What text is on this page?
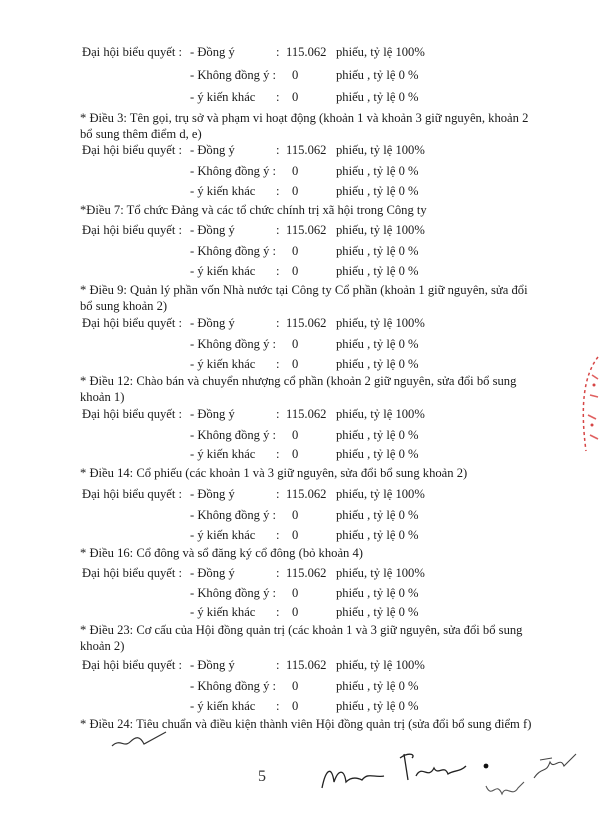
Đại hội biểu quyết : - Đồng ý	: 115.062 phiếu, tỷ lệ 100%
- Không đồng ý : 0	phiếu , tỷ lệ 0 %
- ý kiến khác : 0	phiếu , tỷ lệ 0 %
* Điều 3: Tên gọi, trụ sở và phạm vi hoạt động (khoản 1 và khoản 3 giữ nguyên, khoản 2 bổ sung thêm điểm d, e)
Đại hội biểu quyết : - Đồng ý	: 115.062 phiếu, tỷ lệ 100%
- Không đồng ý : 0	phiếu , tỷ lệ 0 %
- ý kiến khác : 0	phiếu , tỷ lệ 0 %
*Điều 7: Tổ chức Đảng và các tổ chức chính trị xã hội trong Công ty
Đại hội biểu quyết : - Đồng ý	: 115.062 phiếu, tỷ lệ 100%
- Không đồng ý : 0	phiếu , tỷ lệ 0 %
- ý kiến khác : 0	phiếu , tỷ lệ 0 %
* Điều 9: Quản lý phần vốn Nhà nước tại Công ty Cổ phần (khoản 1 giữ nguyên, sửa đổi bổ sung khoản 2)
Đại hội biểu quyết : - Đồng ý	: 115.062 phiếu, tỷ lệ 100%
- Không đồng ý : 0	phiếu , tỷ lệ 0 %
- ý kiến khác : 0	phiếu , tỷ lệ 0 %
* Điều 12: Chào bán và chuyển nhượng cổ phần (khoản 2 giữ nguyên, sửa đổi bổ sung khoản 1)
Đại hội biểu quyết : - Đồng ý	: 115.062 phiếu, tỷ lệ 100%
- Không đồng ý : 0	phiếu , tỷ lệ 0 %
- ý kiến khác : 0	phiếu , tỷ lệ 0 %
* Điều 14: Cổ phiếu (các khoản 1 và 3 giữ nguyên, sửa đổi bổ sung khoản 2)
Đại hội biểu quyết : - Đồng ý	: 115.062 phiếu, tỷ lệ 100%
- Không đồng ý : 0	phiếu , tỷ lệ 0 %
- ý kiến khác : 0	phiếu , tỷ lệ 0 %
* Điều 16: Cổ đông và sổ đăng ký cổ đông (bỏ khoản 4)
Đại hội biểu quyết : - Đồng ý	: 115.062 phiếu, tỷ lệ 100%
- Không đồng ý : 0	phiếu , tỷ lệ 0 %
- ý kiến khác : 0	phiếu , tỷ lệ 0 %
* Điều 23: Cơ cấu của Hội đồng quản trị (các khoản 1 và 3 giữ nguyên, sửa đổi bổ sung khoản 2)
Đại hội biểu quyết : - Đồng ý	: 115.062 phiếu, tỷ lệ 100%
- Không đồng ý : 0	phiếu , tỷ lệ 0 %
- ý kiến khác : 0	phiếu , tỷ lệ 0 %
* Điều 24: Tiêu chuẩn và điều kiện thành viên Hội đồng quản trị (sửa đổi bổ sung điểm f)
5
